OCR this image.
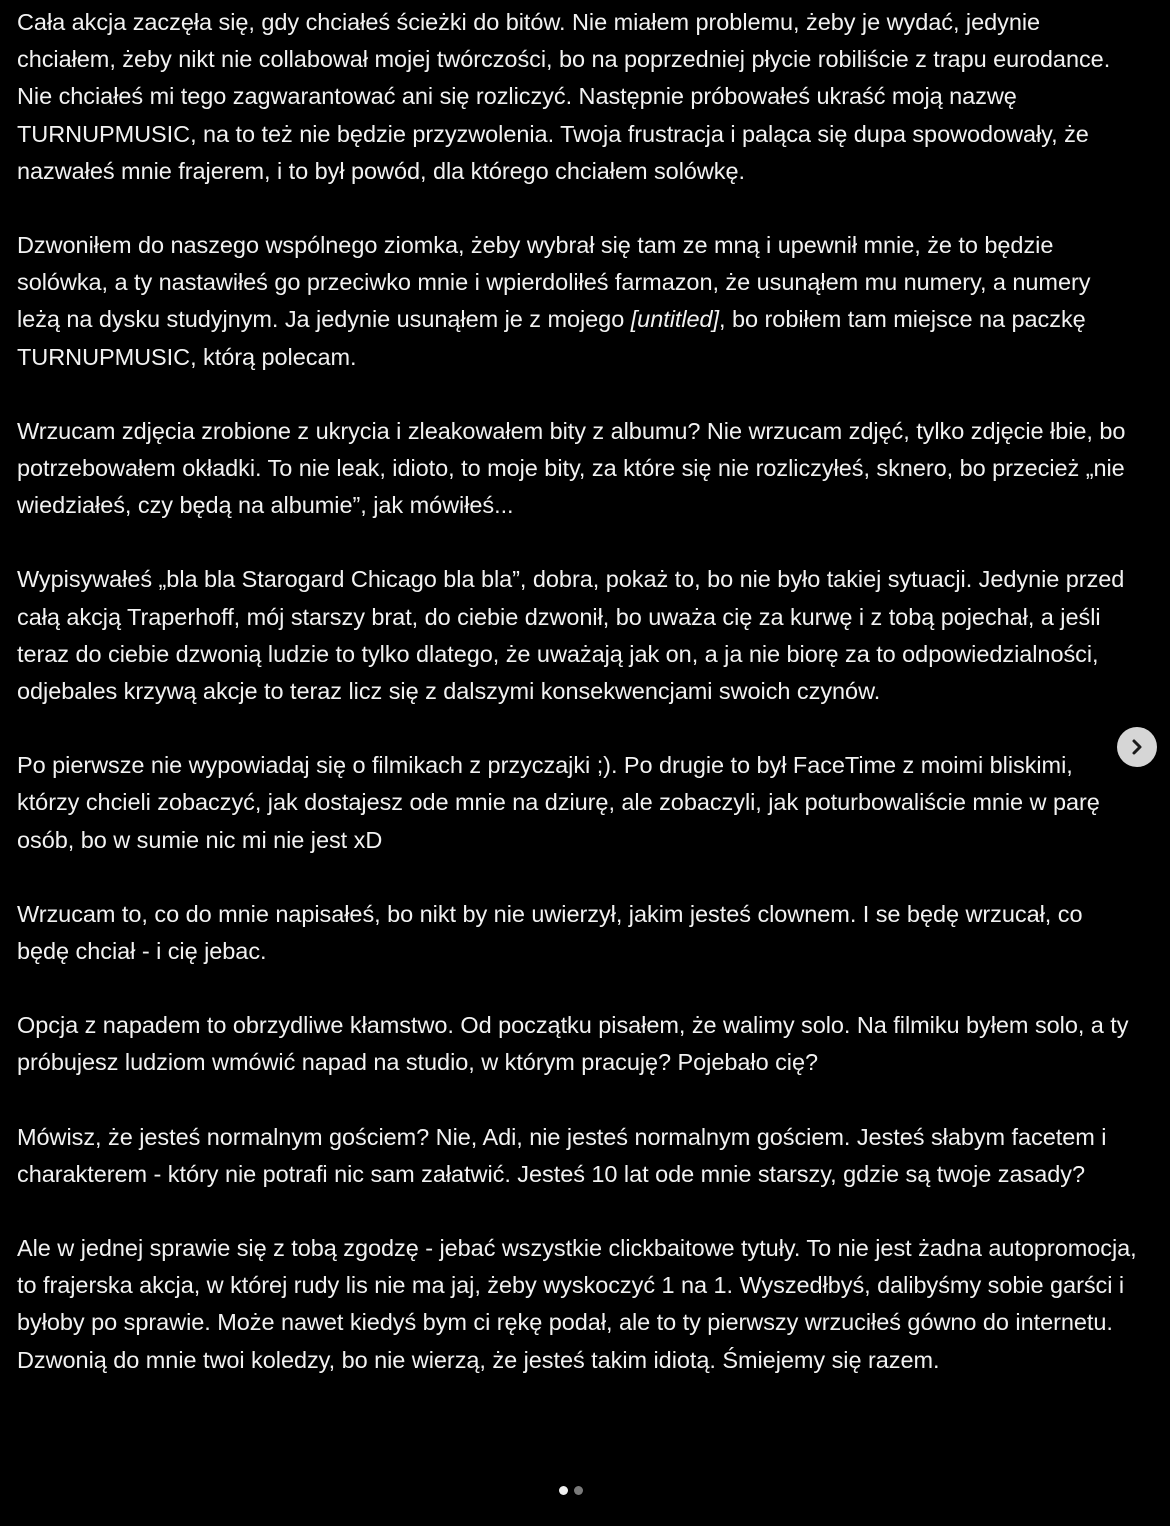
Cała akcja zaczęła się, gdy chciałeś ścieżki do bitów. Nie miałem problemu, żeby je wydać, jedynie chciałem, żeby nikt nie collabował mojej twórczości, bo na poprzedniej płycie robiliście z trapu eurodance. Nie chciałeś mi tego zagwarantować ani się rozliczyć. Następnie próbowałeś ukraść moją nazwę TURNUPMUSIC, na to też nie będzie przyzwolenia. Twoja frustracja i paląca się dupa spowodowały, że nazwałeś mnie frajerem, i to był powód, dla którego chciałem solówkę.

Dzwoniłem do naszego wspólnego ziomka, żeby wybrał się tam ze mną i upewnił mnie, że to będzie solówka, a ty nastawiłeś go przeciwko mnie i wpierdoliłeś farmazon, że usunąłem mu numery, a numery leżą na dysku studyjnym. Ja jedynie usunąłem je z mojego [untitled], bo robiłem tam miejsce na paczkę TURNUPMUSIC, którą polecam.

Wrzucam zdjęcia zrobione z ukrycia i zleakowałem bity z albumu? Nie wrzucam zdjęć, tylko zdjęcie łbie, bo potrzebowałem okładki. To nie leak, idioto, to moje bity, za które się nie rozliczyłeś, sknero, bo przecież „nie wiedziałeś, czy będą na albumie”, jak mówiłeś...

Wypisywałeś „bla bla Starogard Chicago bla bla”, dobra, pokaż to, bo nie było takiej sytuacji. Jedynie przed całą akcją Traperhoff, mój starszy brat, do ciebie dzwonił, bo uważa cię za kurwę i z tobą pojechał, a jeśli teraz do ciebie dzwonią ludzie to tylko dlatego, że uważają jak on, a ja nie biorę za to odpowiedzialności, odjebales krzywą akcje to teraz licz się z dalszymi konsekwencjami swoich czynów.

Po pierwsze nie wypowiadaj się o filmikach z przyczajki ;). Po drugie to był FaceTime z moimi bliskimi, którzy chcieli zobaczyć, jak dostajesz ode mnie na dziurę, ale zobaczyli, jak poturbowaliście mnie w parę osób, bo w sumie nic mi nie jest xD

Wrzucam to, co do mnie napisałeś, bo nikt by nie uwierzył, jakim jesteś clownem. I se będę wrzucał, co będę chciał - i cię jebac.

Opcja z napadem to obrzydliwe kłamstwo. Od początku pisałem, że walimy solo. Na filmiku byłem solo, a ty próbujesz ludziom wmówić napad na studio, w którym pracuję? Pojebało cię?

Mówisz, że jesteś normalnym gościem? Nie, Adi, nie jesteś normalnym gościem. Jesteś słabym facetem i charakterem - który nie potrafi nic sam załatwić. Jesteś 10 lat ode mnie starszy, gdzie są twoje zasady?

Ale w jednej sprawie się z tobą zgodzę - jebać wszystkie clickbaitowe tytuły. To nie jest żadna autopromocja, to frajerska akcja, w której rudy lis nie ma jaj, żeby wyskoczyć 1 na 1. Wyszedłbyś, dalibyśmy sobie garści i byłoby po sprawie. Może nawet kiedyś bym ci rękę podał, ale to ty pierwszy wrzuciłeś gówno do internetu. Dzwonią do mnie twoi koledzy, bo nie wierzą, że jesteś takim idiotą. Śmiejemy się razem.
